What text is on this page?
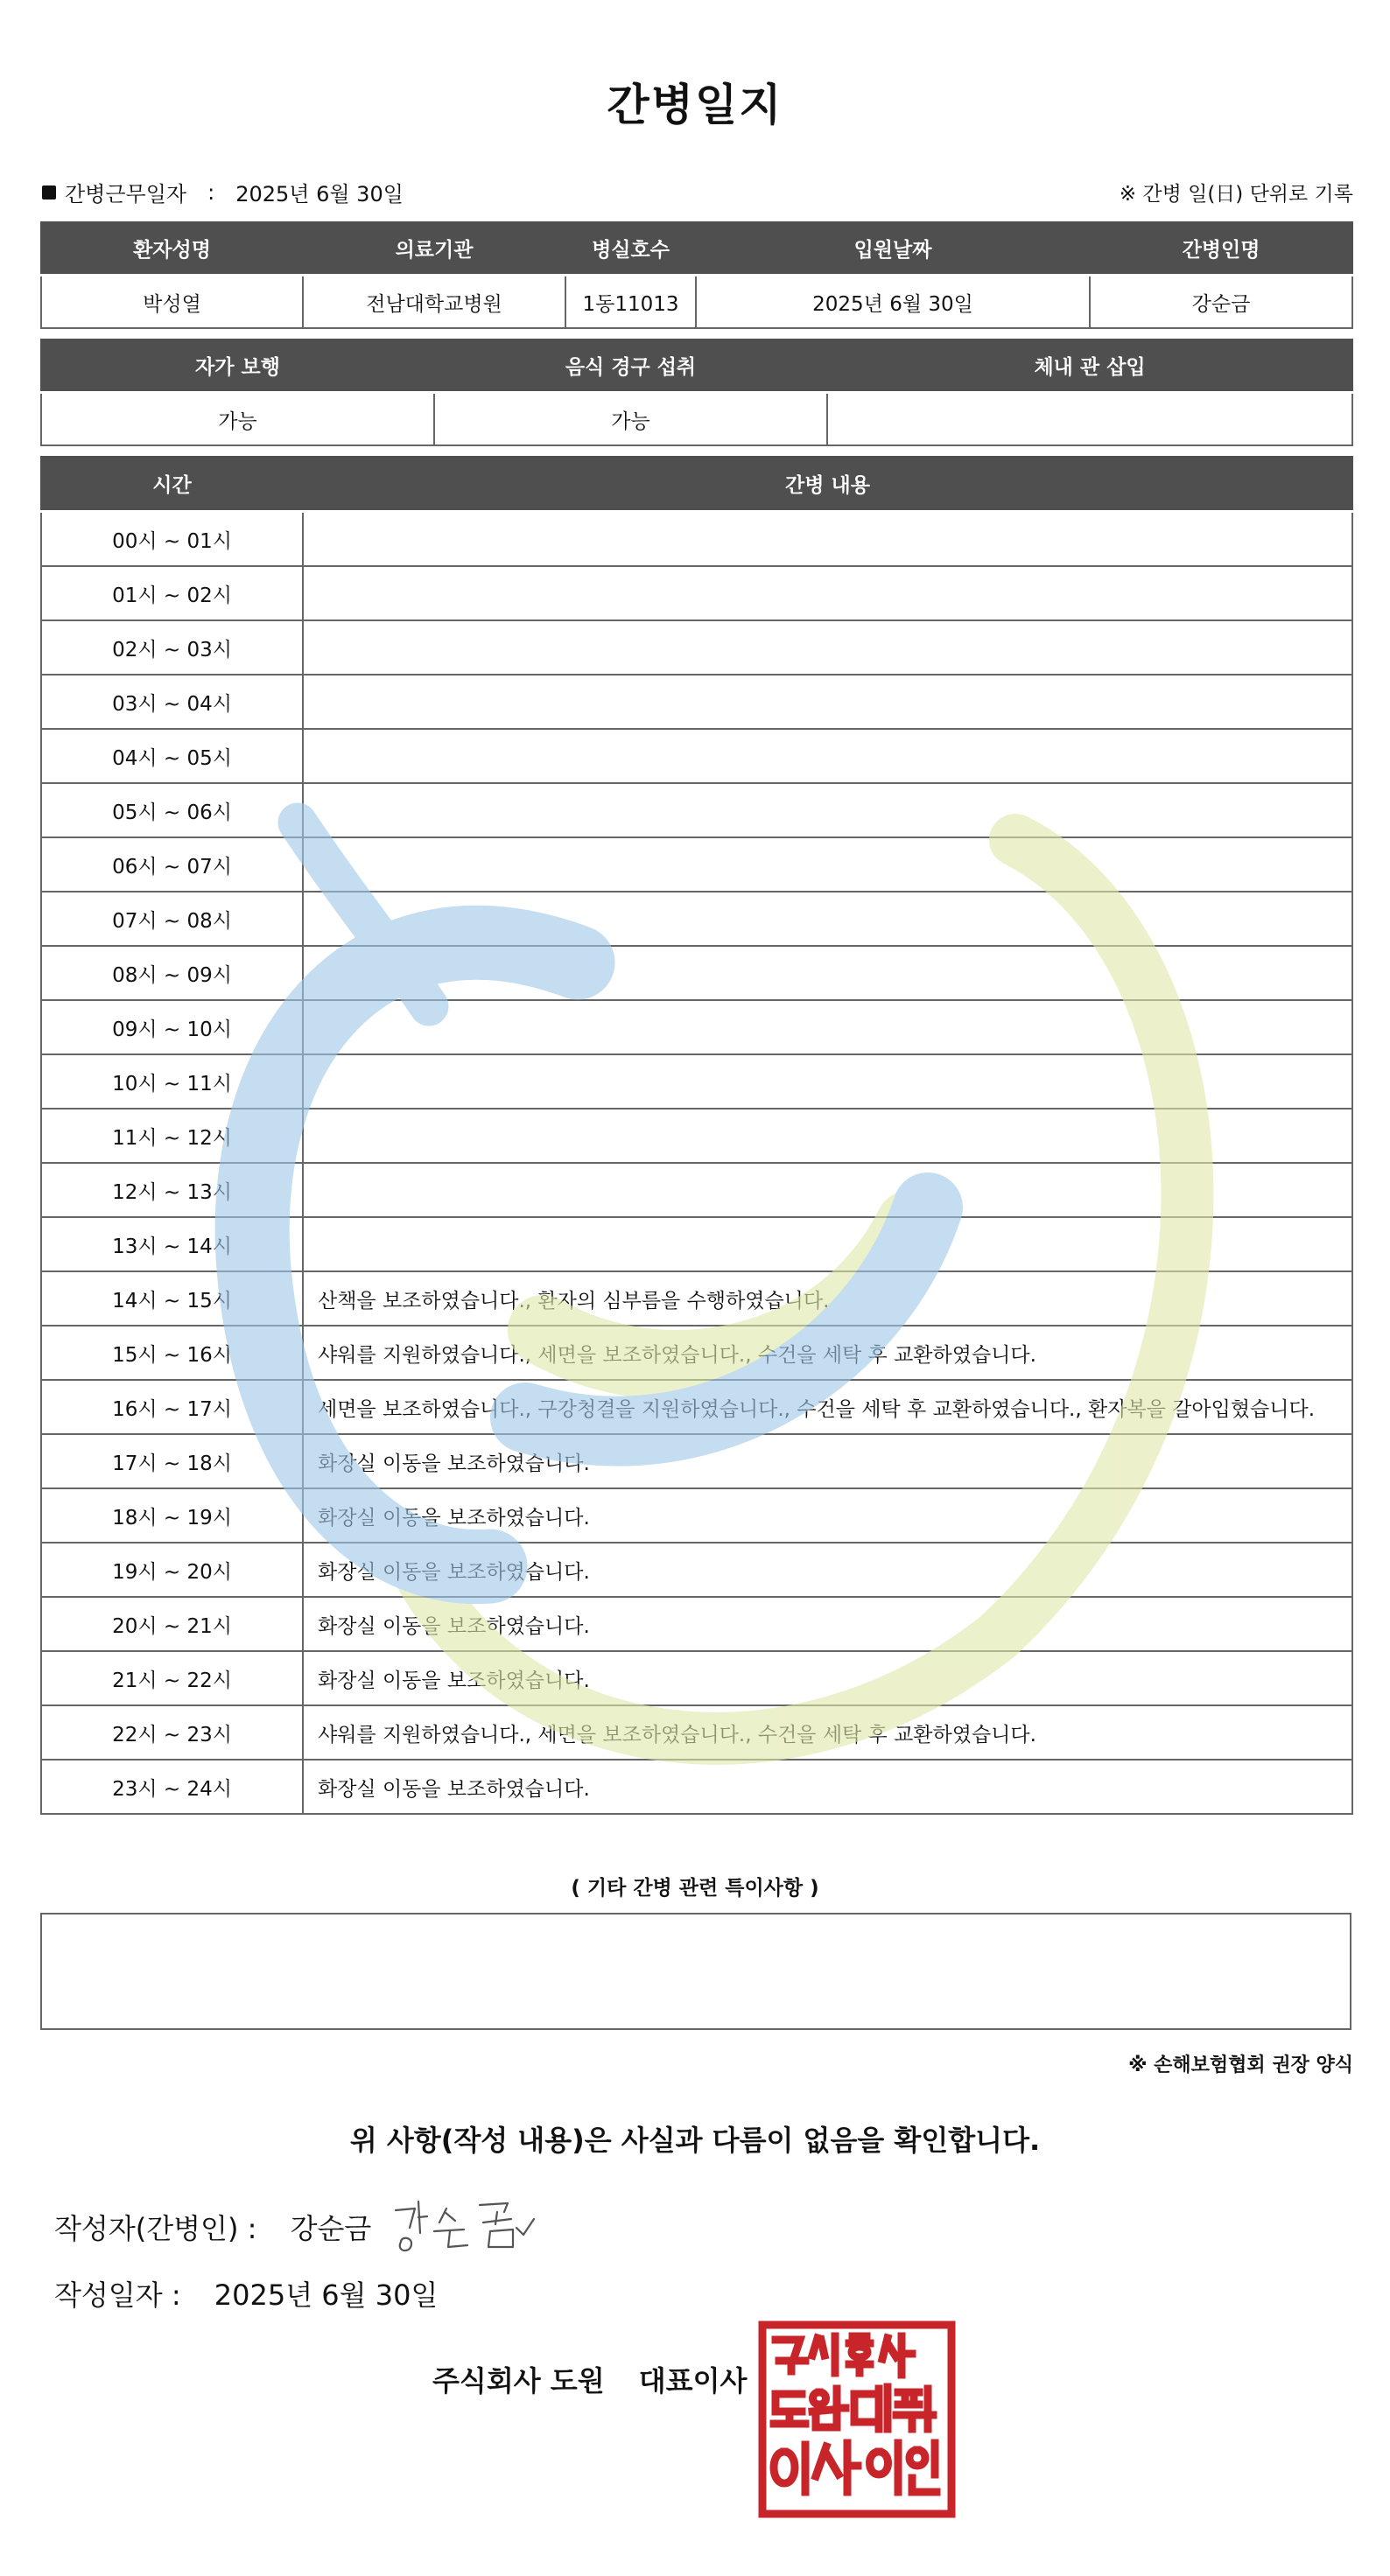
간병일지
간병근무일자 : 2025년 6월 30일	※ 간병 일(日) 단위로 기록
환자성명	의료기관	병실호수	입원날짜	간병인명
박성열	전남대학교병원	1동11013	2025년 6월 30일	강순금
자가 보행	음식 경구 섭취	체내 관 삽입
가능	가능	
시간	간병 내용
00시 ~ 01시	
01시 ~ 02시	
02시 ~ 03시	
03시 ~ 04시	
04시 ~ 05시	
05시 ~ 06시	
06시 ~ 07시	
07시 ~ 08시	
08시 ~ 09시	
09시 ~ 10시	
10시 ~ 11시	
11시 ~ 12시	
12시 ~ 13시	
13시 ~ 14시	
14시 ~ 15시	산책을 보조하였습니다., 환자의 심부름을 수행하였습니다.
15시 ~ 16시	샤워를 지원하였습니다., 세면을 보조하였습니다., 수건을 세탁 후 교환하였습니다.
16시 ~ 17시	세면을 보조하였습니다., 구강청결을 지원하였습니다., 수건을 세탁 후 교환하였습니다., 환자복을 갈아입혔습니다.
17시 ~ 18시	화장실 이동을 보조하였습니다.
18시 ~ 19시	화장실 이동을 보조하였습니다.
19시 ~ 20시	화장실 이동을 보조하였습니다.
20시 ~ 21시	화장실 이동을 보조하였습니다.
21시 ~ 22시	화장실 이동을 보조하였습니다.
22시 ~ 23시	샤워를 지원하였습니다., 세면을 보조하였습니다., 수건을 세탁 후 교환하였습니다.
23시 ~ 24시	화장실 이동을 보조하였습니다.
( 기타 간병 관련 특이사항 )
※ 손해보험협회 권장 양식
위 사항(작성 내용)은 사실과 다름이 없음을 확인합니다.
작성자(간병인) : 강순금
작성일자 : 2025년 6월 30일
주식회사 도원 대표이사
